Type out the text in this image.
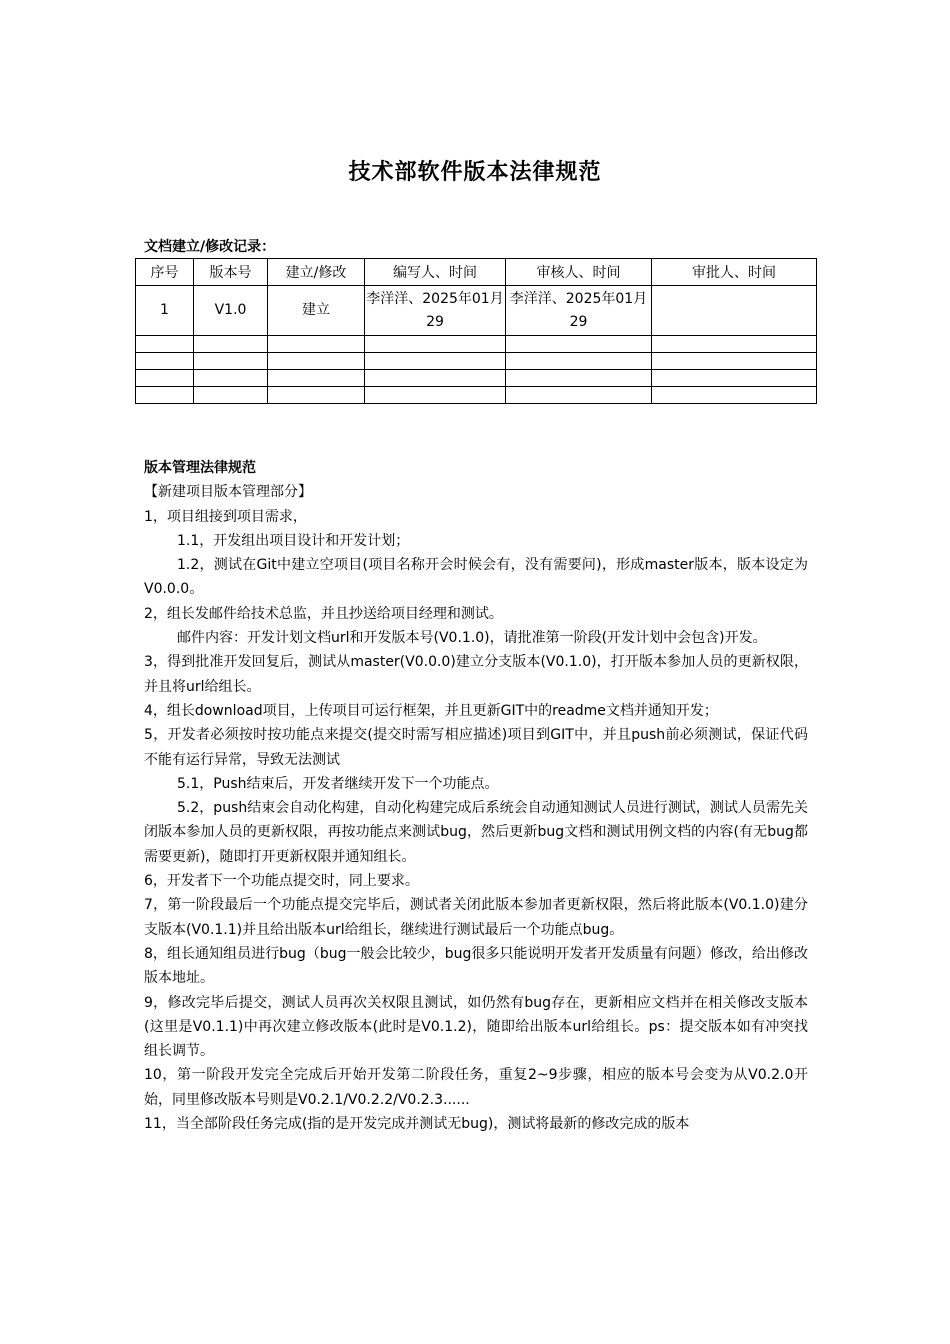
技术部软件版本法律规范
文档建立/修改记录：
序号	版本号	建立/修改	编写人、时间	审核人、时间	审批人、时间
1	V1.0	建立	李洋洋、2025年01月29	李洋洋、2025年01月29	

版本管理法律规范

【新建项目版本管理部分】

1，项目组接到项目需求，

1.1，开发组出项目设计和开发计划；

1.2，测试在Git中建立空项目(项目名称开会时候会有，没有需要问)，形成master版本，版本设定为V0.0.0。

2，组长发邮件给技术总监，并且抄送给项目经理和测试。

邮件内容：开发计划文档url和开发版本号(V0.1.0)，请批准第一阶段(开发计划中会包含)开发。

3，得到批准开发回复后，测试从master(V0.0.0)建立分支版本(V0.1.0)，打开版本参加人员的更新权限，并且将url给组长。

4，组长download项目，上传项目可运行框架，并且更新GIT中的readme文档并通知开发；

5，开发者必须按时按功能点来提交(提交时需写相应描述)项目到GIT中，并且push前必须测试，保证代码不能有运行异常，导致无法测试

5.1，Push结束后，开发者继续开发下一个功能点。

5.2，push结束会自动化构建，自动化构建完成后系统会自动通知测试人员进行测试，测试人员需先关闭版本参加人员的更新权限，再按功能点来测试bug，然后更新bug文档和测试用例文档的内容(有无bug都需要更新)，随即打开更新权限并通知组长。

6，开发者下一个功能点提交时，同上要求。

7，第一阶段最后一个功能点提交完毕后，测试者关闭此版本参加者更新权限，然后将此版本(V0.1.0)建分支版本(V0.1.1)并且给出版本url给组长，继续进行测试最后一个功能点bug。

8，组长通知组员进行bug（bug一般会比较少，bug很多只能说明开发者开发质量有问题）修改，给出修改版本地址。

9，修改完毕后提交，测试人员再次关权限且测试，如仍然有bug存在，更新相应文档并在相关修改支版本(这里是V0.1.1)中再次建立修改版本(此时是V0.1.2)，随即给出版本url给组长。ps：提交版本如有冲突找组长调节。

10，第一阶段开发完全完成后开始开发第二阶段任务，重复2~9步骤，相应的版本号会变为从V0.2.0开始，同里修改版本号则是V0.2.1/V0.2.2/V0.2.3......

11，当全部阶段任务完成(指的是开发完成并测试无bug)，测试将最新的修改完成的版本
